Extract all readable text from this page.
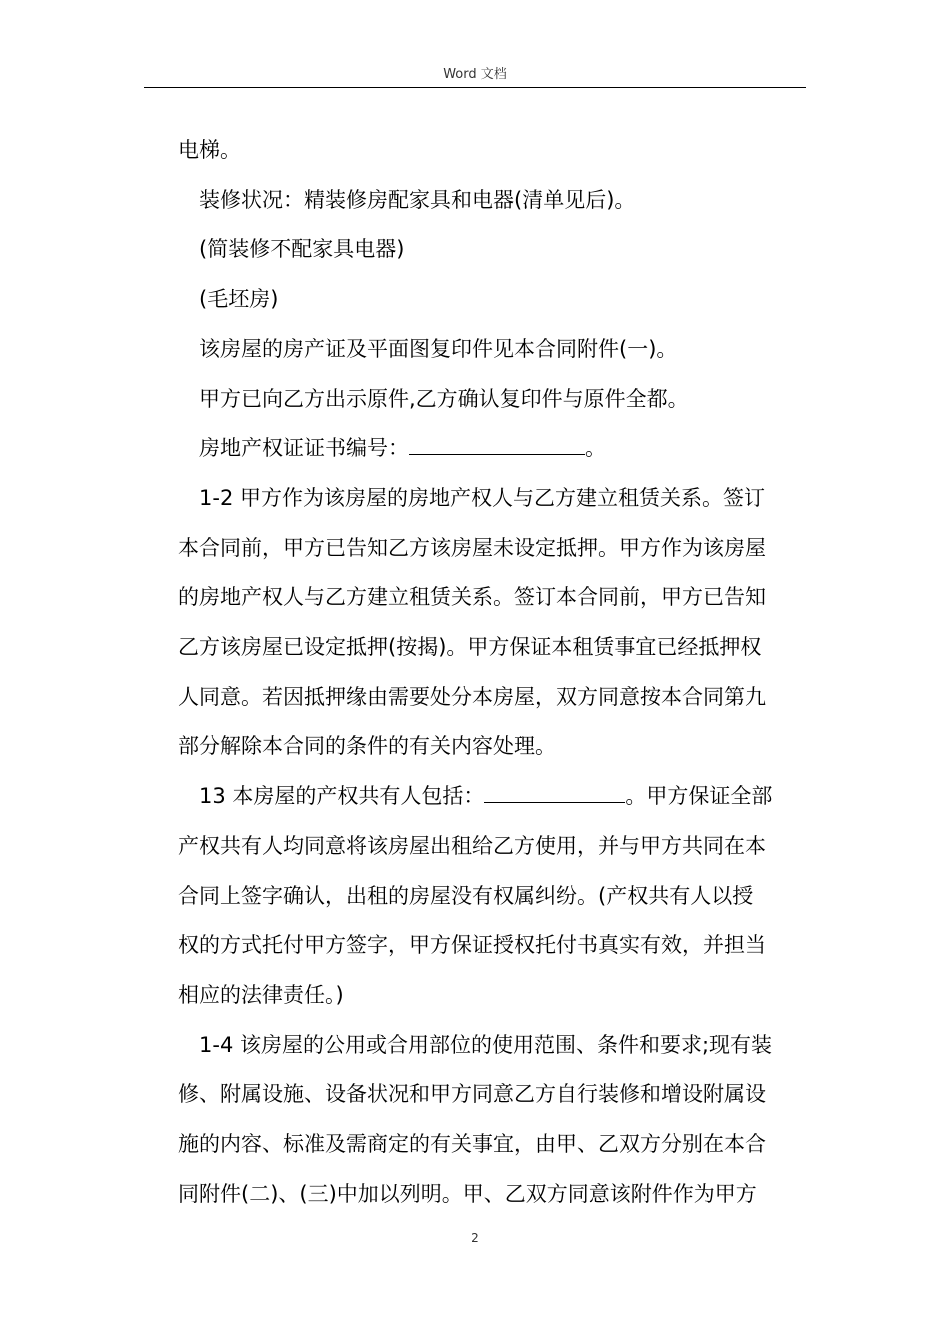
Word 文档

电梯。

装修状况：精装修房配家具和电器(清单见后)。

(简装修不配家具电器)

(毛坯房)

该房屋的房产证及平面图复印件见本合同附件(一)。

甲方已向乙方出示原件,乙方确认复印件与原件全都。

房地产权证证书编号：	。

1-2 甲方作为该房屋的房地产权人与乙方建立租赁关系。签订
本合同前，甲方已告知乙方该房屋未设定抵押。甲方作为该房屋
的房地产权人与乙方建立租赁关系。签订本合同前，甲方已告知
乙方该房屋已设定抵押(按揭)。甲方保证本租赁事宜已经抵押权
人同意。若因抵押缘由需要处分本房屋，双方同意按本合同第九
部分解除本合同的条件的有关内容处理。
13 本房屋的产权共有人包括：	。甲方保证全部
产权共有人均同意将该房屋出租给乙方使用，并与甲方共同在本
合同上签字确认，出租的房屋没有权属纠纷。(产权共有人以授
权的方式托付甲方签字，甲方保证授权托付书真实有效，并担当
相应的法律责任。)
1-4 该房屋的公用或合用部位的使用范围、条件和要求;现有装
修、附属设施、设备状况和甲方同意乙方自行装修和增设附属设
施的内容、标准及需商定的有关事宜，由甲、乙双方分别在本合
同附件(二)、(三)中加以列明。甲、乙双方同意该附件作为甲方
2
